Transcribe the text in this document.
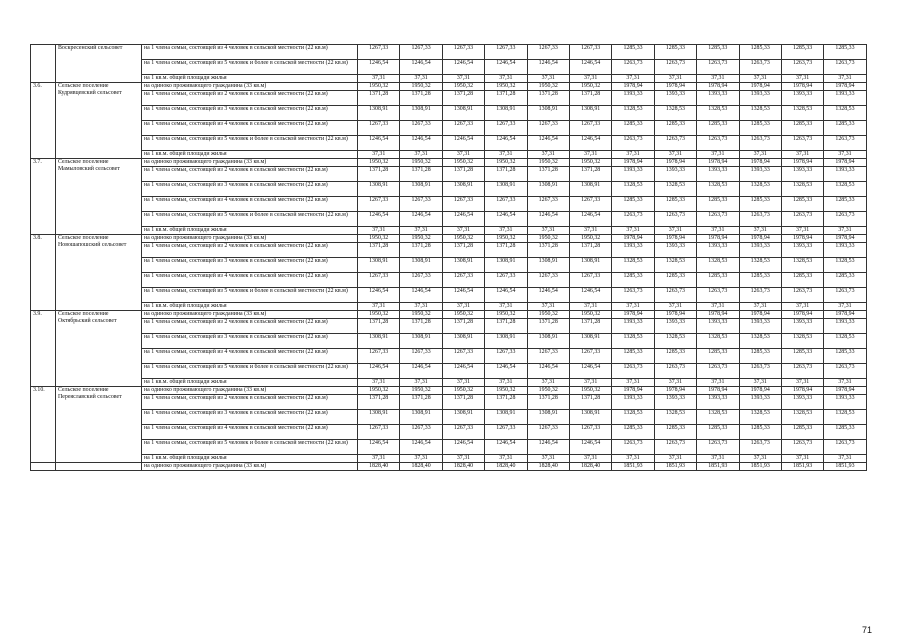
	Воскресенский сельсовет	на 1 члена семьи, состоящей из 4 человек в сельской местности (22 кв.м)	1267,33	1267,33	1267,33	1267,33	1267,33	1267,33	1285,33	1285,33	1285,33	1285,33	1285,33	1285,33
		на 1 члена семьи, состоящей из 5 человек и более в сельской местности (22 кв.м)	1246,54	1246,54	1246,54	1246,54	1246,54	1246,54	1263,73	1263,73	1263,73	1263,73	1263,73	1263,73
		на 1 кв.м. общей площади жилья	37,31	37,31	37,31	37,31	37,31	37,31	37,31	37,31	37,31	37,31	37,31	37,31
3.6.	Сельское поселение Кудрявцевский сельсовет	на одиноко проживающего гражданина (33 кв.м)	1950,32	1950,32	1950,32	1950,32	1950,32	1950,32	1978,94	1978,94	1978,94	1978,94	1978,94	1978,94
		на 1 члена семьи, состоящей из 2 человек в сельской местности (22 кв.м)	1371,28	1371,28	1371,28	1371,28	1371,28	1371,28	1393,33	1393,33	1393,33	1393,33	1393,33	1393,33
		на 1 члена семьи, состоящей из 3 человек в сельской местности (22 кв.м)	1308,91	1308,91	1308,91	1308,91	1308,91	1308,91	1328,53	1328,53	1328,53	1328,53	1328,53	1328,53
		на 1 члена семьи, состоящей из 4 человек в сельской местности (22 кв.м)	1267,33	1267,33	1267,33	1267,33	1267,33	1267,33	1285,33	1285,33	1285,33	1285,33	1285,33	1285,33
		на 1 члена семьи, состоящей из 5 человек и более в сельской местности (22 кв.м)	1246,54	1246,54	1246,54	1246,54	1246,54	1246,54	1263,73	1263,73	1263,73	1263,73	1263,73	1263,73
		на 1 кв.м. общей площади жилья	37,31	37,31	37,31	37,31	37,31	37,31	37,31	37,31	37,31	37,31	37,31	37,31
3.7.	Сельское поселение Мамыловский сельсовет	на одиноко проживающего гражданина (33 кв.м)	1950,32	1950,32	1950,32	1950,32	1950,32	1950,32	1978,94	1978,94	1978,94	1978,94	1978,94	1978,94
		на 1 члена семьи, состоящей из 2 человек в сельской местности (22 кв.м)	1371,28	1371,28	1371,28	1371,28	1371,28	1371,28	1393,33	1393,33	1393,33	1393,33	1393,33	1393,33
		на 1 члена семьи, состоящей из 3 человек в сельской местности (22 кв.м)	1308,91	1308,91	1308,91	1308,91	1308,91	1308,91	1328,53	1328,53	1328,53	1328,53	1328,53	1328,53
		на 1 члена семьи, состоящей из 4 человек в сельской местности (22 кв.м)	1267,33	1267,33	1267,33	1267,33	1267,33	1267,33	1285,33	1285,33	1285,33	1285,33	1285,33	1285,33
		на 1 члена семьи, состоящей из 5 человек и более в сельской местности (22 кв.м)	1246,54	1246,54	1246,54	1246,54	1246,54	1246,54	1263,73	1263,73	1263,73	1263,73	1263,73	1263,73
		на 1 кв.м. общей площади жилья	37,31	37,31	37,31	37,31	37,31	37,31	37,31	37,31	37,31	37,31	37,31	37,31
3.8.	Сельское поселение Новошапошский сельсовет	на одиноко проживающего гражданина (33 кв.м)	1950,32	1950,32	1950,32	1950,32	1950,32	1950,32	1978,94	1978,94	1978,94	1978,94	1978,94	1978,94
		на 1 члена семьи, состоящей из 2 человек в сельской местности (22 кв.м)	1371,28	1371,28	1371,28	1371,28	1371,28	1371,28	1393,33	1393,33	1393,33	1393,33	1393,33	1393,33
		на 1 члена семьи, состоящей из 3 человек в сельской местности (22 кв.м)	1308,91	1308,91	1308,91	1308,91	1308,91	1308,91	1328,53	1328,53	1328,53	1328,53	1328,53	1328,53
		на 1 члена семьи, состоящей из 4 человек в сельской местности (22 кв.м)	1267,33	1267,33	1267,33	1267,33	1267,33	1267,33	1285,33	1285,33	1285,33	1285,33	1285,33	1285,33
		на 1 члена семьи, состоящей из 5 человек и более в сельской местности (22 кв.м)	1246,54	1246,54	1246,54	1246,54	1246,54	1246,54	1263,73	1263,73	1263,73	1263,73	1263,73	1263,73
		на 1 кв.м. общей площади жилья	37,31	37,31	37,31	37,31	37,31	37,31	37,31	37,31	37,31	37,31	37,31	37,31
3.9.	Сельское поселение Октябрьский сельсовет	на одиноко проживающего гражданина (33 кв.м)	1950,32	1950,32	1950,32	1950,32	1950,32	1950,32	1978,94	1978,94	1978,94	1978,94	1978,94	1978,94
		на 1 члена семьи, состоящей из 2 человек в сельской местности (22 кв.м)	1371,28	1371,28	1371,28	1371,28	1371,28	1371,28	1393,33	1393,33	1393,33	1393,33	1393,33	1393,33
		на 1 члена семьи, состоящей из 3 человек в сельской местности (22 кв.м)	1308,91	1308,91	1308,91	1308,91	1308,91	1308,91	1328,53	1328,53	1328,53	1328,53	1328,53	1328,53
		на 1 члена семьи, состоящей из 4 человек в сельской местности (22 кв.м)	1267,33	1267,33	1267,33	1267,33	1267,33	1267,33	1285,33	1285,33	1285,33	1285,33	1285,33	1285,33
		на 1 члена семьи, состоящей из 5 человек и более в сельской местности (22 кв.м)	1246,54	1246,54	1246,54	1246,54	1246,54	1246,54	1263,73	1263,73	1263,73	1263,73	1263,73	1263,73
		на 1 кв.м. общей площади жилья	37,31	37,31	37,31	37,31	37,31	37,31	37,31	37,31	37,31	37,31	37,31	37,31
3.10.	Сельское поселение Переяславский сельсовет	на одиноко проживающего гражданина (33 кв.м)	1950,32	1950,32	1950,32	1950,32	1950,32	1950,32	1978,94	1978,94	1978,94	1978,94	1978,94	1978,94
		на 1 члена семьи, состоящей из 2 человек в сельской местности (22 кв.м)	1371,28	1371,28	1371,28	1371,28	1371,28	1371,28	1393,33	1393,33	1393,33	1393,33	1393,33	1393,33
		на 1 члена семьи, состоящей из 3 человек в сельской местности (22 кв.м)	1308,91	1308,91	1308,91	1308,91	1308,91	1308,91	1328,53	1328,53	1328,53	1328,53	1328,53	1328,53
		на 1 члена семьи, состоящей из 4 человек в сельской местности (22 кв.м)	1267,33	1267,33	1267,33	1267,33	1267,33	1267,33	1285,33	1285,33	1285,33	1285,33	1285,33	1285,33
		на 1 члена семьи, состоящей из 5 человек и более в сельской местности (22 кв.м)	1246,54	1246,54	1246,54	1246,54	1246,54	1246,54	1263,73	1263,73	1263,73	1263,73	1263,73	1263,73
		на 1 кв.м. общей площади жилья	37,31	37,31	37,31	37,31	37,31	37,31	37,31	37,31	37,31	37,31	37,31	37,31
		на одиноко проживающего гражданина (33 кв.м)	1828,40	1828,40	1828,40	1828,40	1828,40	1828,40	1851,93	1851,93	1851,93	1851,93	1851,93	1851,93
71
